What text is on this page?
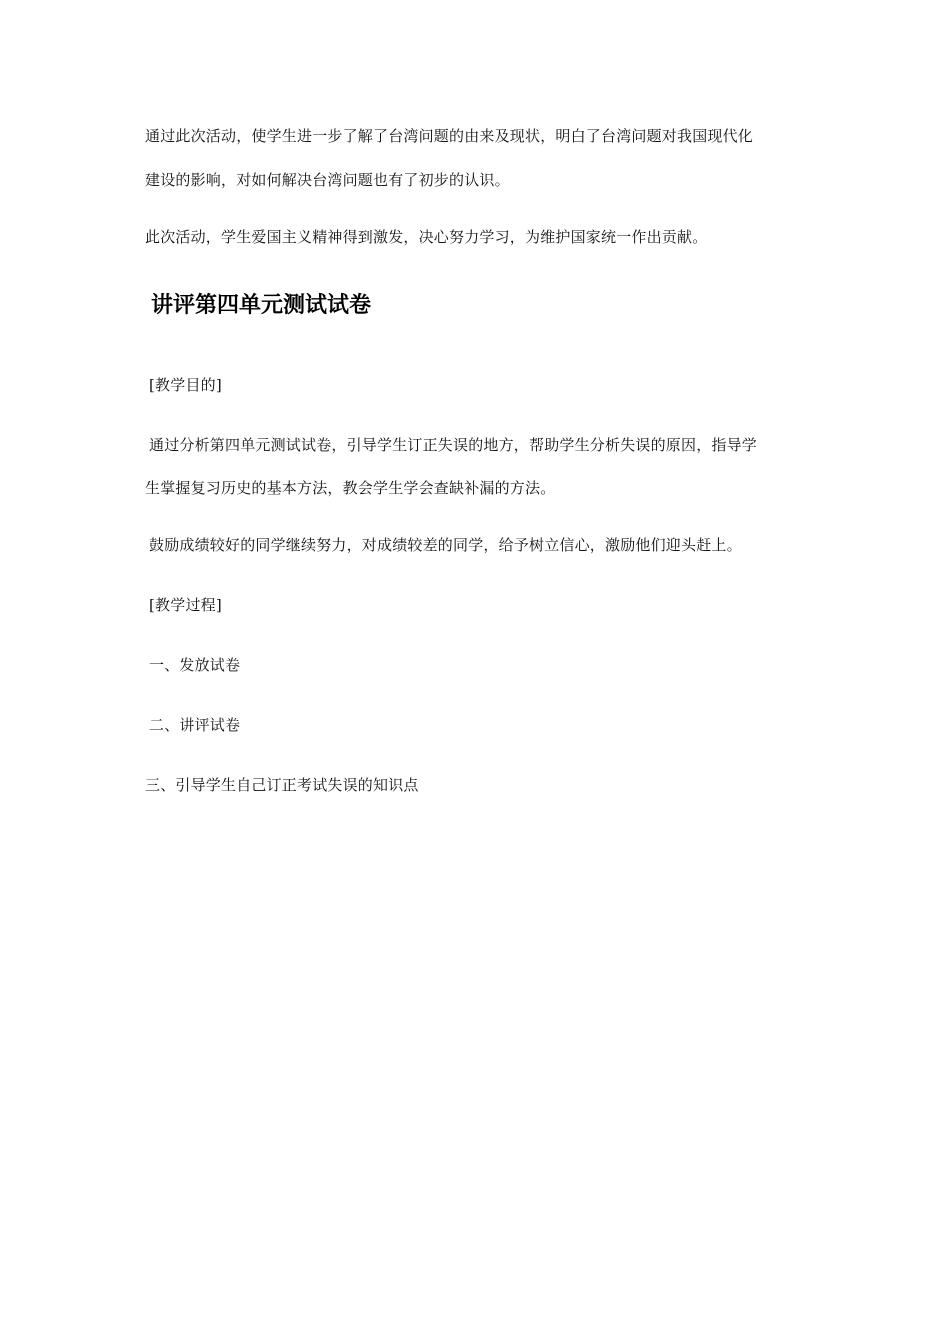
通过此次活动，使学生进一步了解了台湾问题的由来及现状，明白了台湾问题对我国现代化
建设的影响，对如何解决台湾问题也有了初步的认识。
此次活动，学生爱国主义精神得到激发，决心努力学习，为维护国家统一作出贡献。
讲评第四单元测试试卷
[教学目的]
通过分析第四单元测试试卷，引导学生订正失误的地方，帮助学生分析失误的原因，指导学
生掌握复习历史的基本方法，教会学生学会查缺补漏的方法。
鼓励成绩较好的同学继续努力，对成绩较差的同学，给予树立信心，激励他们迎头赶上。
[教学过程]
一、发放试卷
二、讲评试卷
三、引导学生自己订正考试失误的知识点
